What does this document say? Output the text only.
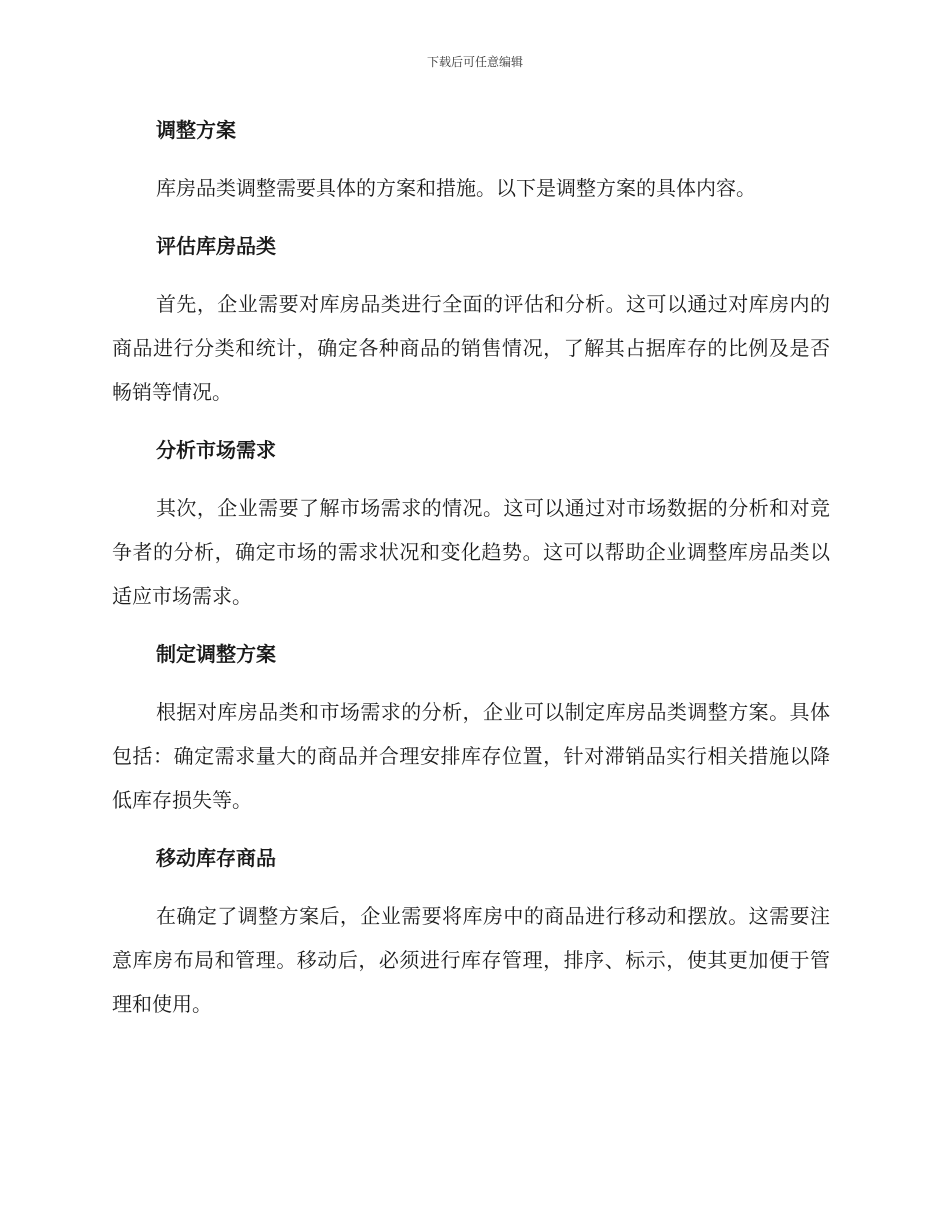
下载后可任意编辑
调整方案

库房品类调整需要具体的方案和措施。以下是调整方案的具体内容。

评估库房品类

首先，企业需要对库房品类进行全面的评估和分析。这可以通过对库房内的商品进行分类和统计，确定各种商品的销售情况，了解其占据库存的比例及是否畅销等情况。

分析市场需求

其次，企业需要了解市场需求的情况。这可以通过对市场数据的分析和对竞争者的分析，确定市场的需求状况和变化趋势。这可以帮助企业调整库房品类以适应市场需求。

制定调整方案

根据对库房品类和市场需求的分析，企业可以制定库房品类调整方案。具体包括：确定需求量大的商品并合理安排库存位置，针对滞销品实行相关措施以降低库存损失等。

移动库存商品

在确定了调整方案后，企业需要将库房中的商品进行移动和摆放。这需要注意库房布局和管理。移动后，必须进行库存管理，排序、标示，使其更加便于管理和使用。
